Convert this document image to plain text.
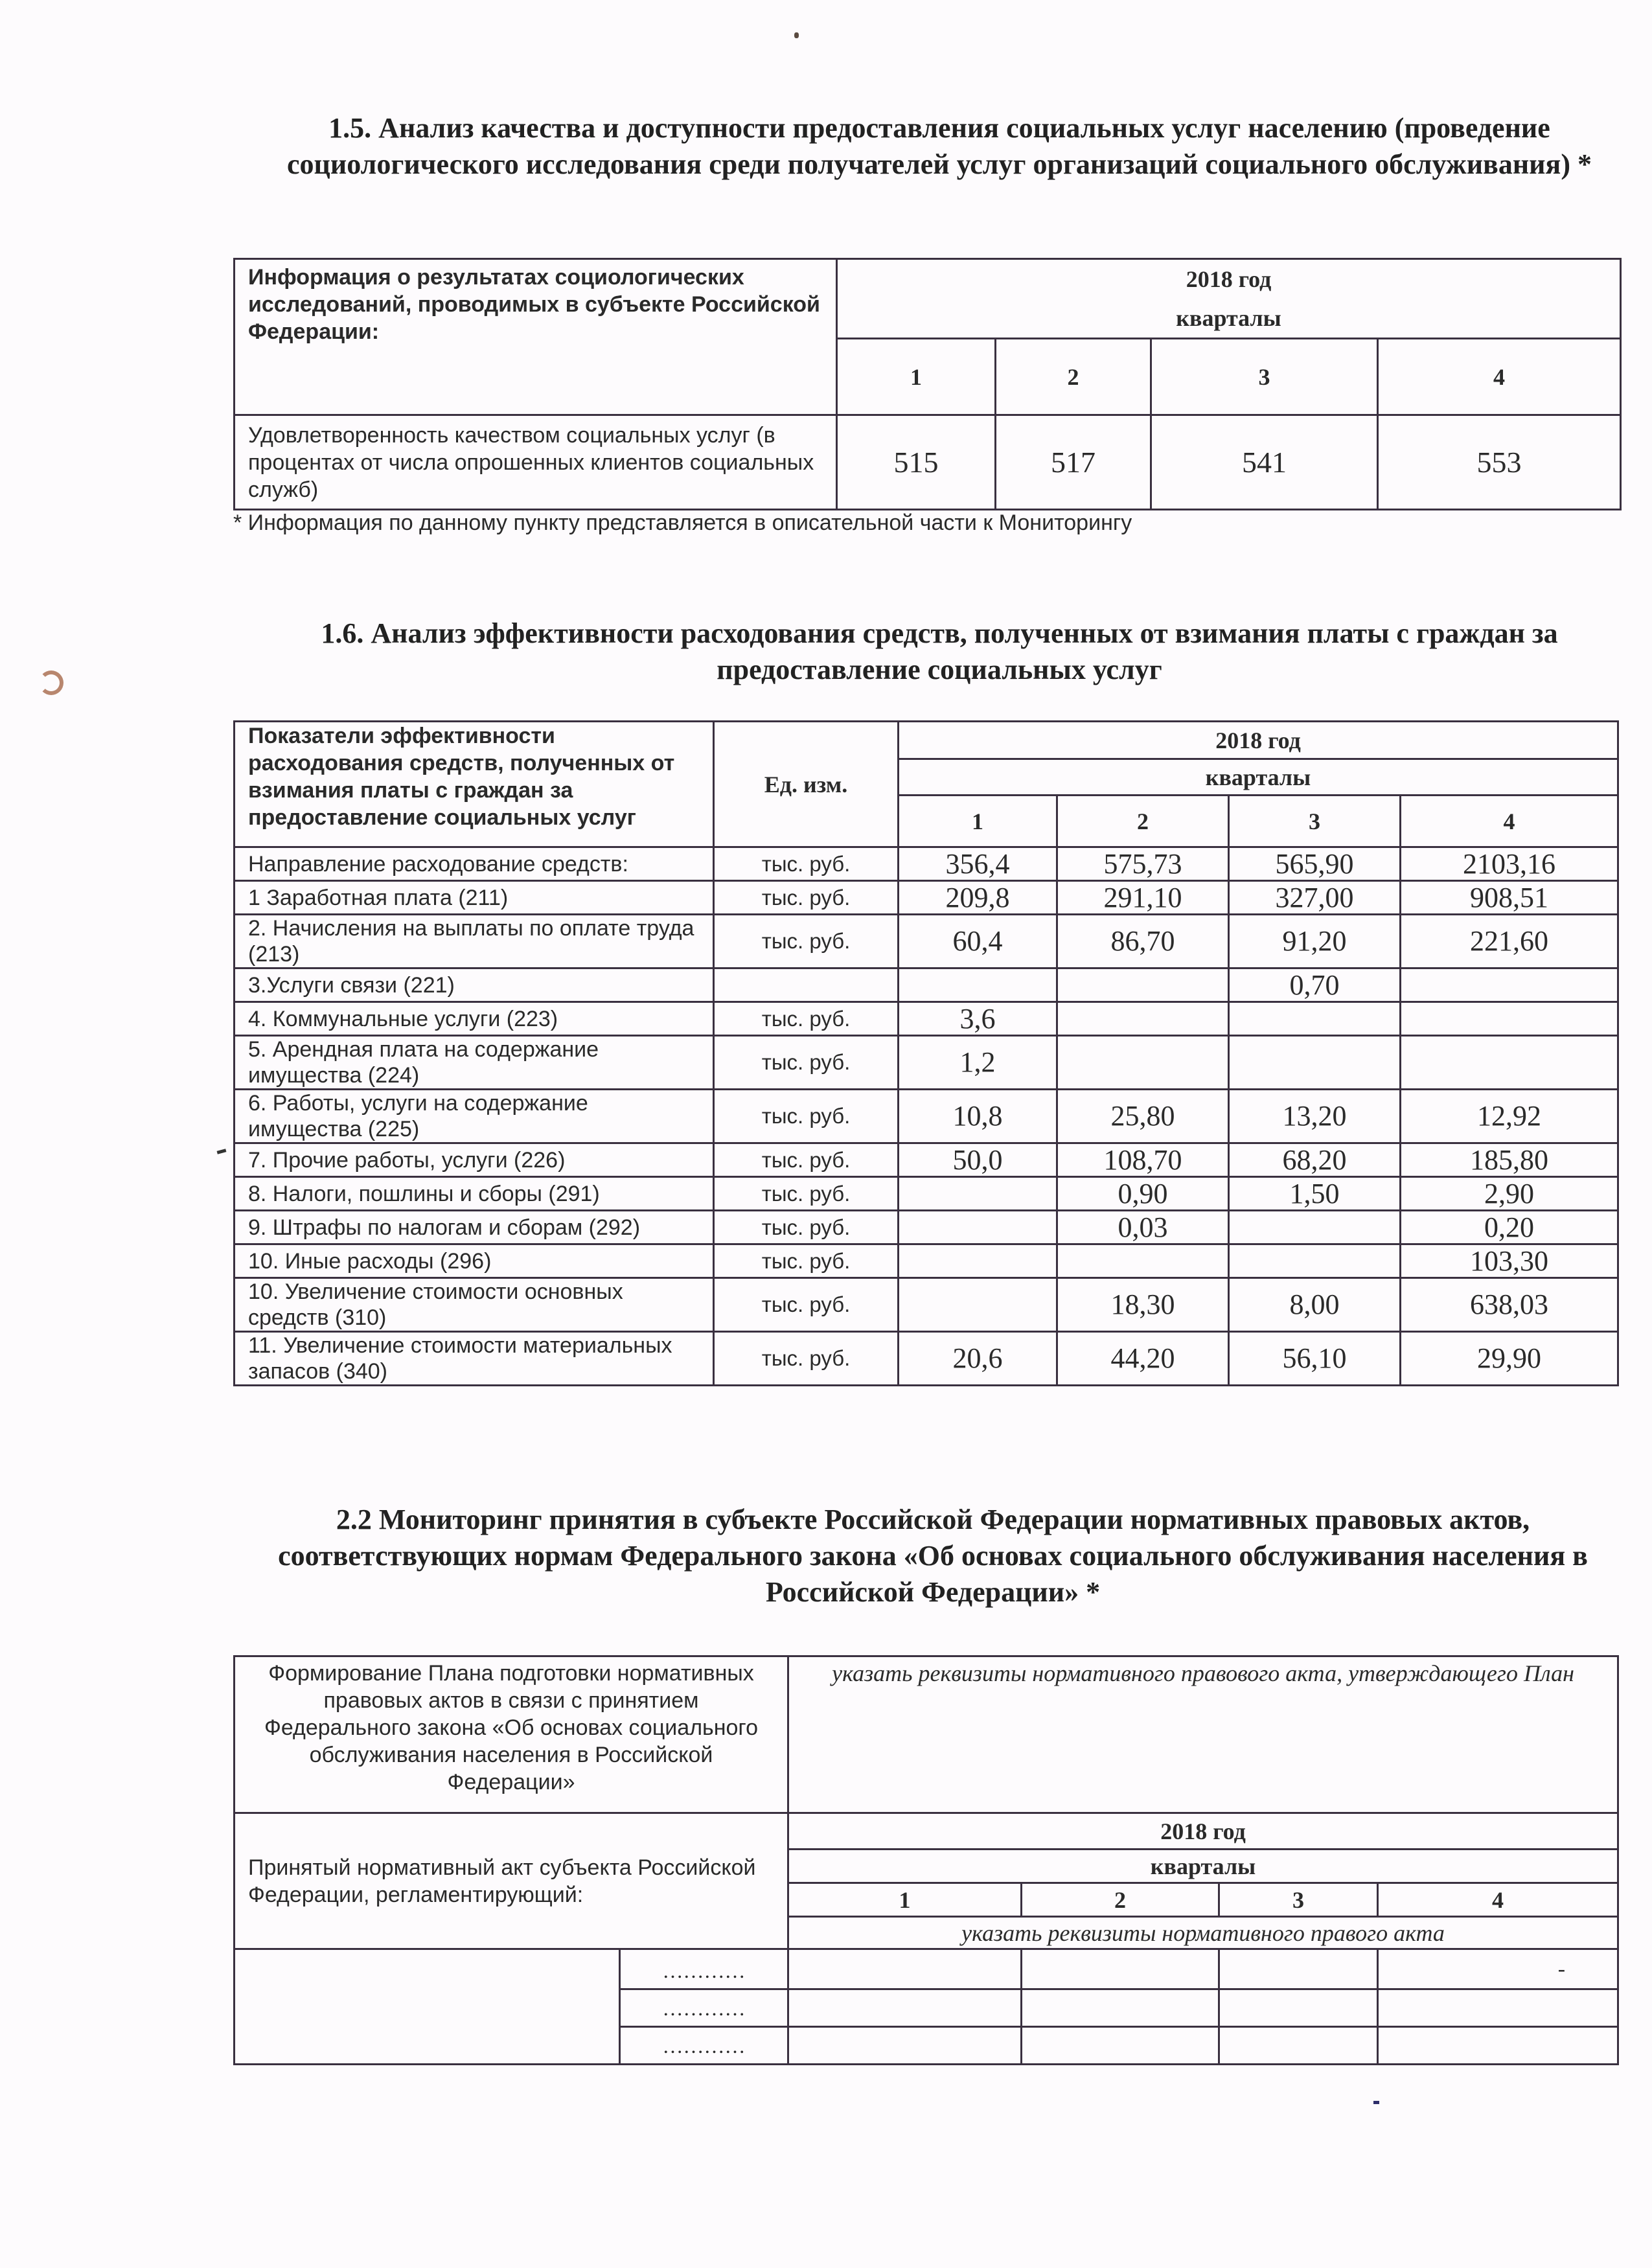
1.5. Анализ качества и доступности предоставления социальных услуг населению (проведение социологического исследования среди получателей услуг организаций социального обслуживания) *
Информация о результатах социологических исследований, проводимых в субъекте Российской Федерации:	2018 год
кварталы			

	1	2	3	4
Удовлетворенность качеством социальных услуг (в процентах от числа опрошенных клиентов социальных служб)	515	517	541	553
* Информация по данному пункту представляется в описательной части к Мониторингу
1.6. Анализ эффективности расходования средств, полученных от взимания платы с граждан за предоставление социальных услуг
Показатели эффективности расходования средств, полученных от взимания платы с граждан за предоставление социальных услуг	Ед. изм.	2018 год			
		кварталы			
		1	2	3	4
Направление расходование средств:	тыс. руб.	356,4	575,73	565,90	2103,16
1 Заработная плата (211)	тыс. руб.	209,8	291,10	327,00	908,51
2. Начисления на выплаты по оплате труда (213)	тыс. руб.	60,4	86,70	91,20	221,60
3.Услуги связи (221)				0,70	
4. Коммунальные услуги (223)	тыс. руб.	3,6			
5. Арендная плата на содержание имущества (224)	тыс. руб.	1,2			
6. Работы, услуги на содержание имущества (225)	тыс. руб.	10,8	25,80	13,20	12,92
7. Прочие работы, услуги (226)	тыс. руб.	50,0	108,70	68,20	185,80
8. Налоги, пошлины и сборы (291)	тыс. руб.		0,90	1,50	2,90
9. Штрафы по налогам и сборам (292)	тыс. руб.		0,03		0,20
10. Иные расходы (296)	тыс. руб.				103,30
10. Увеличение стоимости основных средств (310)	тыс. руб.		18,30	8,00	638,03
11. Увеличение стоимости материальных запасов (340)	тыс. руб.	20,6	44,20	56,10	29,90
2.2 Мониторинг принятия в субъекте Российской Федерации нормативных правовых актов, соответствующих нормам Федерального закона «Об основах социального обслуживания населения в Российской Федерации» *
Формирование Плана подготовки нормативных правовых актов в связи с принятием Федерального закона «Об основах социального обслуживания населения в Российской Федерации»		указать реквизиты нормативного правового акта, утверждающего План			
Принятый нормативный акт субъекта Российской Федерации, регламентирующий:		2018 год			
		кварталы			
		1	2	3	4
		указать реквизиты нормативного правого акта			
	…………				-
	…………				
	…………				
